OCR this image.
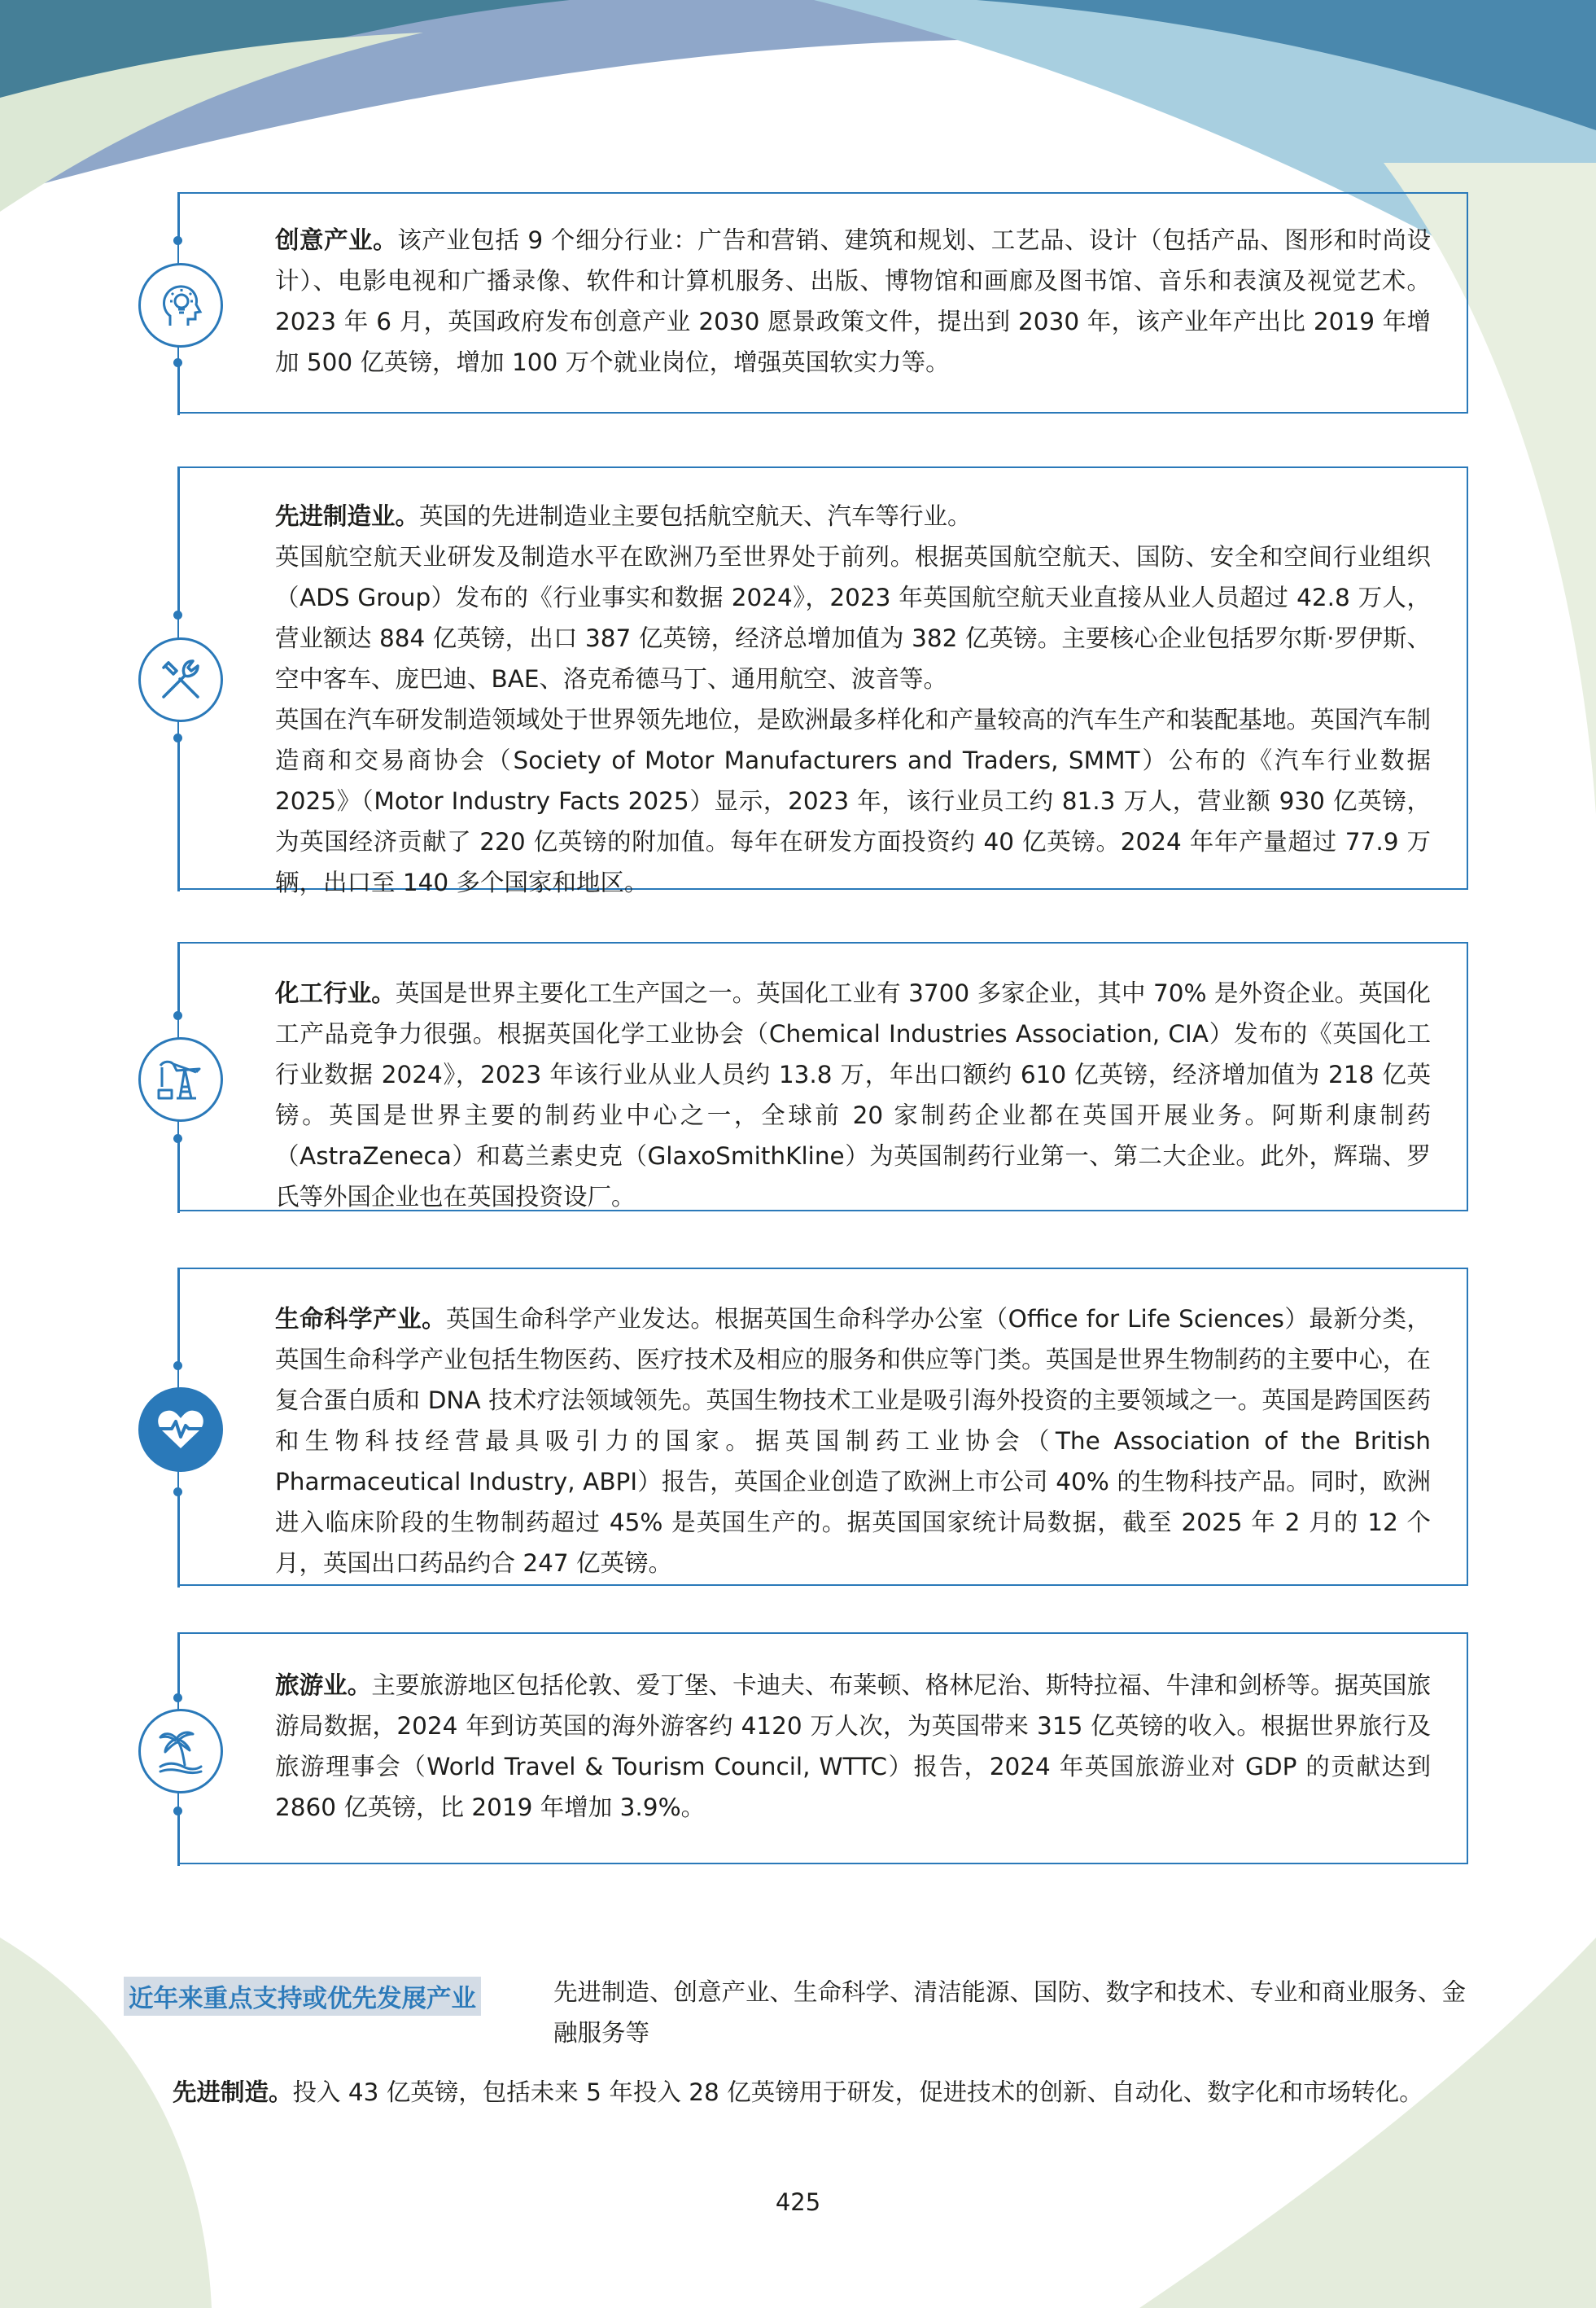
创意产业。该产业包括 9 个细分行业：广告和营销、建筑和规划、工艺品、设计（包括产品、图形和时尚设计）、电影电视和广播录像、软件和计算机服务、出版、博物馆和画廊及图书馆、音乐和表演及视觉艺术。2023 年 6 月，英国政府发布创意产业 2030 愿景政策文件，提出到 2030 年，该产业年产出比 2019 年增加 500 亿英镑，增加 100 万个就业岗位，增强英国软实力等。

先进制造业。英国的先进制造业主要包括航空航天、汽车等行业。

英国航空航天业研发及制造水平在欧洲乃至世界处于前列。根据英国航空航天、国防、安全和空间行业组织（ADS Group）发布的《行业事实和数据 2024》，2023 年英国航空航天业直接从业人员超过 42.8 万人，营业额达 884 亿英镑，出口 387 亿英镑，经济总增加值为 382 亿英镑。主要核心企业包括罗尔斯·罗伊斯、空中客车、庞巴迪、BAE、洛克希德马丁、通用航空、波音等。

英国在汽车研发制造领域处于世界领先地位，是欧洲最多样化和产量较高的汽车生产和装配基地。英国汽车制造商和交易商协会（Society of Motor Manufacturers and Traders, SMMT）公布的《汽车行业数据 2025》（Motor Industry Facts 2025）显示，2023 年，该行业员工约 81.3 万人，营业额 930 亿英镑，为英国经济贡献了 220 亿英镑的附加值。每年在研发方面投资约 40 亿英镑。2024 年年产量超过 77.9 万辆，出口至 140 多个国家和地区。

化工行业。英国是世界主要化工生产国之一。英国化工业有 3700 多家企业，其中 70% 是外资企业。英国化工产品竞争力很强。根据英国化学工业协会（Chemical Industries Association, CIA）发布的《英国化工行业数据 2024》，2023 年该行业从业人员约 13.8 万，年出口额约 610 亿英镑，经济增加值为 218 亿英镑。英国是世界主要的制药业中心之一，全球前 20 家制药企业都在英国开展业务。阿斯利康制药（AstraZeneca）和葛兰素史克（GlaxoSmithKline）为英国制药行业第一、第二大企业。此外，辉瑞、罗氏等外国企业也在英国投资设厂。

生命科学产业。英国生命科学产业发达。根据英国生命科学办公室（Office for Life Sciences）最新分类，英国生命科学产业包括生物医药、医疗技术及相应的服务和供应等门类。英国是世界生物制药的主要中心，在复合蛋白质和 DNA 技术疗法领域领先。英国生物技术工业是吸引海外投资的主要领域之一。英国是跨国医药和生物科技经营最具吸引力的国家。据英国制药工业协会（The Association of the British Pharmaceutical Industry, ABPI）报告，英国企业创造了欧洲上市公司 40% 的生物科技产品。同时，欧洲进入临床阶段的生物制药超过 45% 是英国生产的。据英国国家统计局数据，截至 2025 年 2 月的 12 个月，英国出口药品约合 247 亿英镑。

旅游业。主要旅游地区包括伦敦、爱丁堡、卡迪夫、布莱顿、格林尼治、斯特拉福、牛津和剑桥等。据英国旅游局数据，2024 年到访英国的海外游客约 4120 万人次，为英国带来 315 亿英镑的收入。根据世界旅行及旅游理事会（World Travel & Tourism Council, WTTC）报告，2024 年英国旅游业对 GDP 的贡献达到 2860 亿英镑，比 2019 年增加 3.9%。

近年来重点支持或优先发展产业	先进制造、创意产业、生命科学、清洁能源、国防、数字和技术、专业和商业服务、金融服务等
先进制造。投入 43 亿英镑，包括未来 5 年投入 28 亿英镑用于研发，促进技术的创新、自动化、数字化和市场转化。
425
